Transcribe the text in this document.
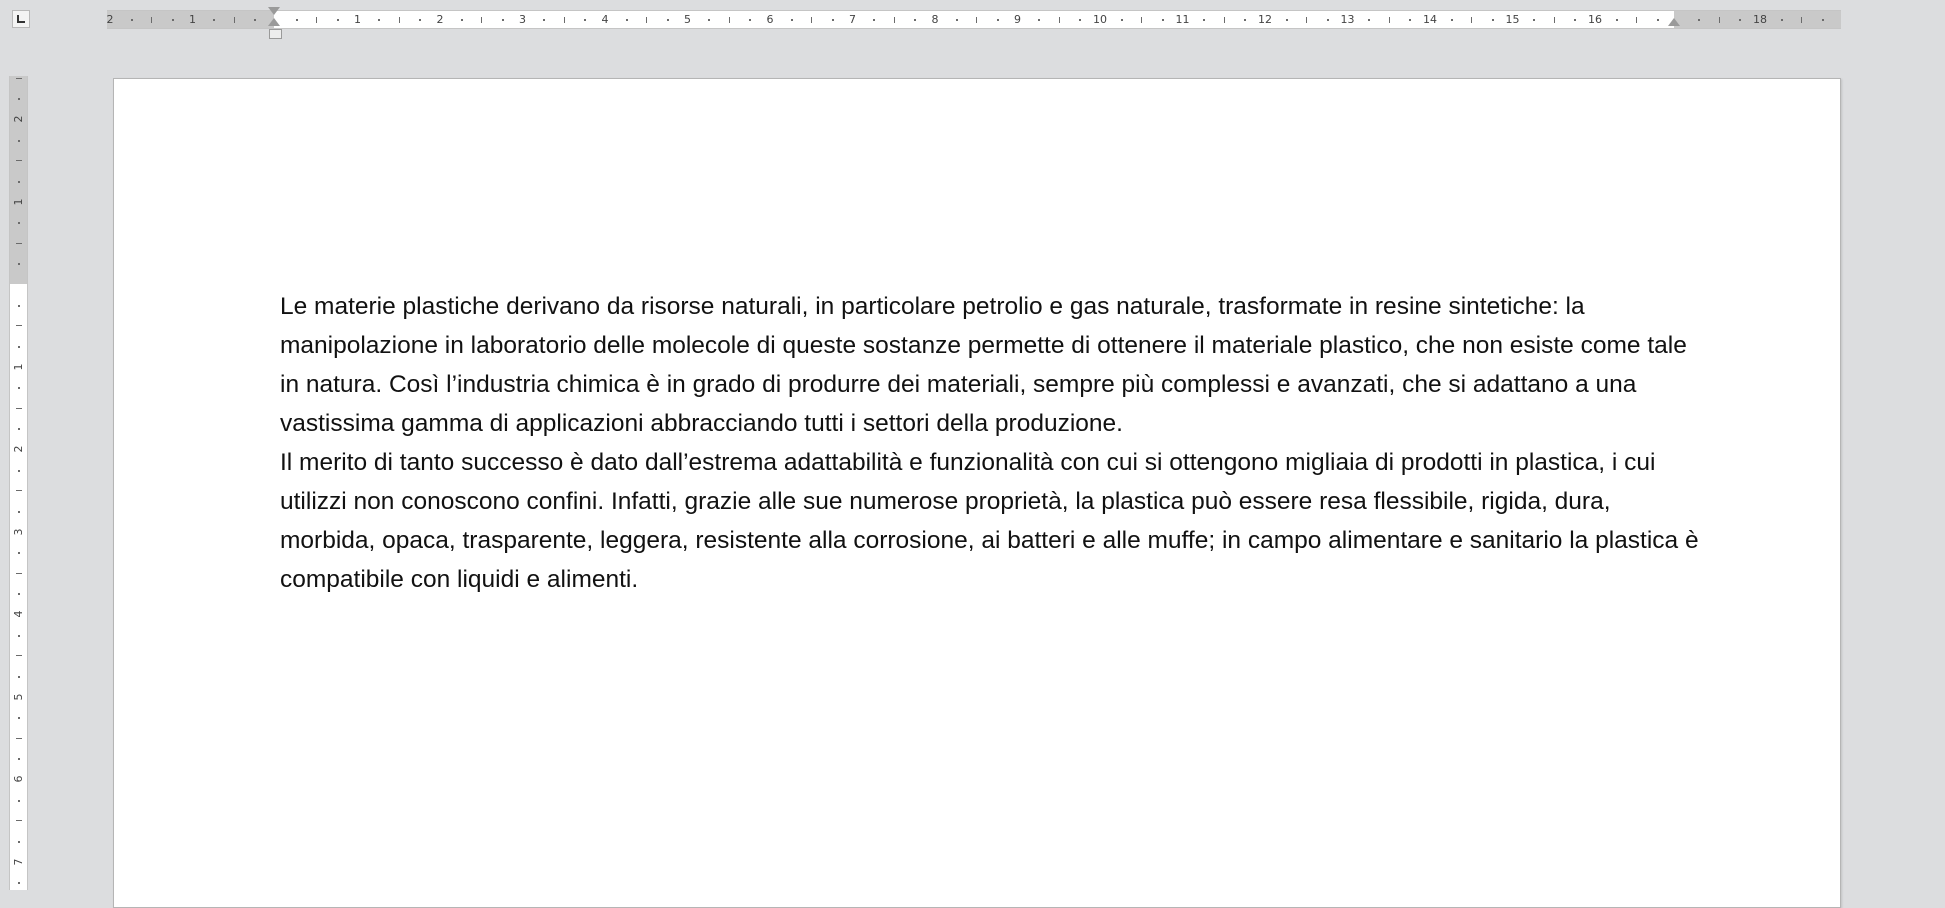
2	1	1	2	3	4	5	6	7	8	9	10	11	12	13	14	15	16	18
2
1
1
2
3
4
5
6
7

Le materie plastiche derivano da risorse naturali, in particolare petrolio e gas naturale, trasformate in resine sintetiche: la manipolazione in laboratorio delle molecole di queste sostanze permette di ottenere il materiale plastico, che non esiste come tale in natura. Così l’industria chimica è in grado di produrre dei materiali, sempre più complessi e avanzati, che si adattano a una vastissima gamma di applicazioni abbracciando tutti i settori della produzione.

Il merito di tanto successo è dato dall’estrema adattabilità e funzionalità con cui si ottengono migliaia di prodotti in plastica, i cui utilizzi non conoscono confini. Infatti, grazie alle sue numerose proprietà, la plastica può essere resa flessibile, rigida, dura, morbida, opaca, trasparente, leggera, resistente alla corrosione, ai batteri e alle muffe; in campo alimentare e sanitario la plastica è compatibile con liquidi e alimenti.
